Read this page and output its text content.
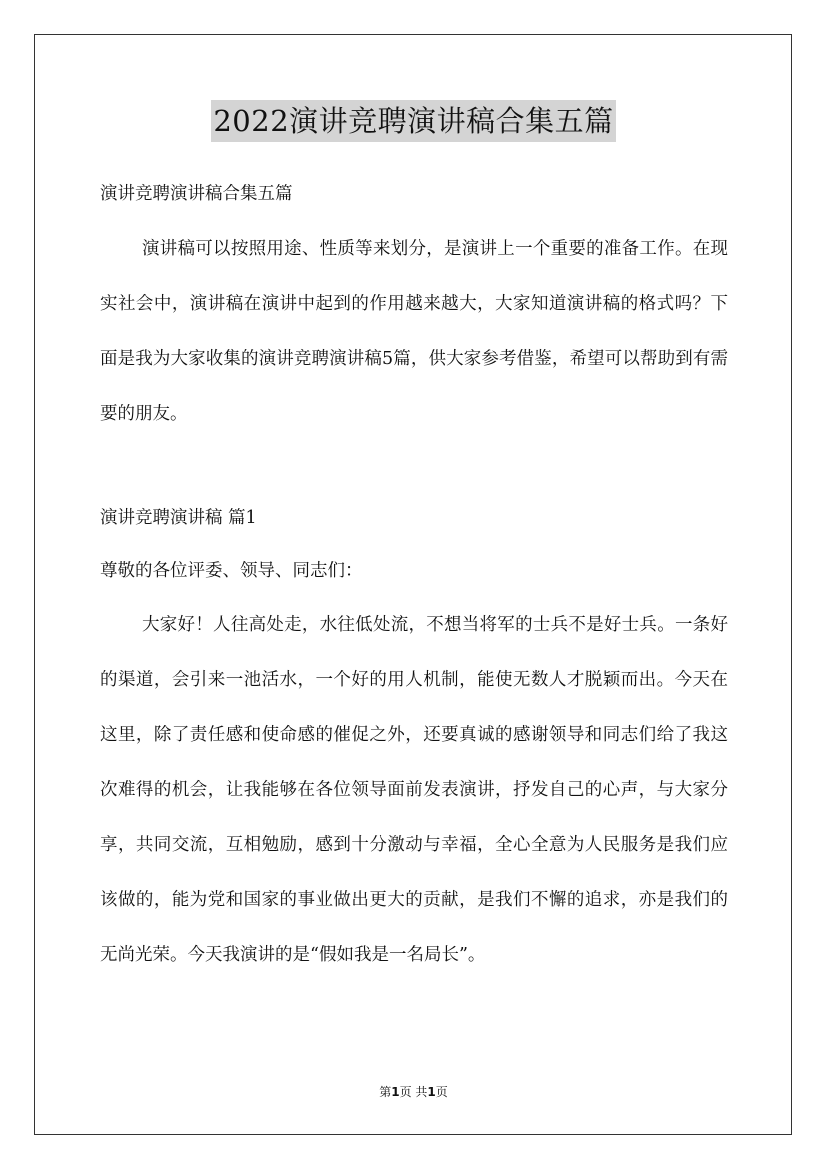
2022演讲竞聘演讲稿合集五篇
演讲竞聘演讲稿合集五篇

演讲稿可以按照用途、性质等来划分，是演讲上一个重要的准备工作。在现实社会中，演讲稿在演讲中起到的作用越来越大，大家知道演讲稿的格式吗？下面是我为大家收集的演讲竞聘演讲稿5篇，供大家参考借鉴，希望可以帮助到有需要的朋友。

演讲竞聘演讲稿 篇1
尊敬的各位评委、领导、同志们：

大家好！人往高处走，水往低处流，不想当将军的士兵不是好士兵。一条好的渠道，会引来一池活水，一个好的用人机制，能使无数人才脱颖而出。今天在这里，除了责任感和使命感的催促之外，还要真诚的感谢领导和同志们给了我这次难得的机会，让我能够在各位领导面前发表演讲，抒发自己的心声，与大家分享，共同交流，互相勉励，感到十分激动与幸福，全心全意为人民服务是我们应该做的，能为党和国家的事业做出更大的贡献，是我们不懈的追求，亦是我们的无尚光荣。今天我演讲的是“假如我是一名局长”。

第1页 共1页
